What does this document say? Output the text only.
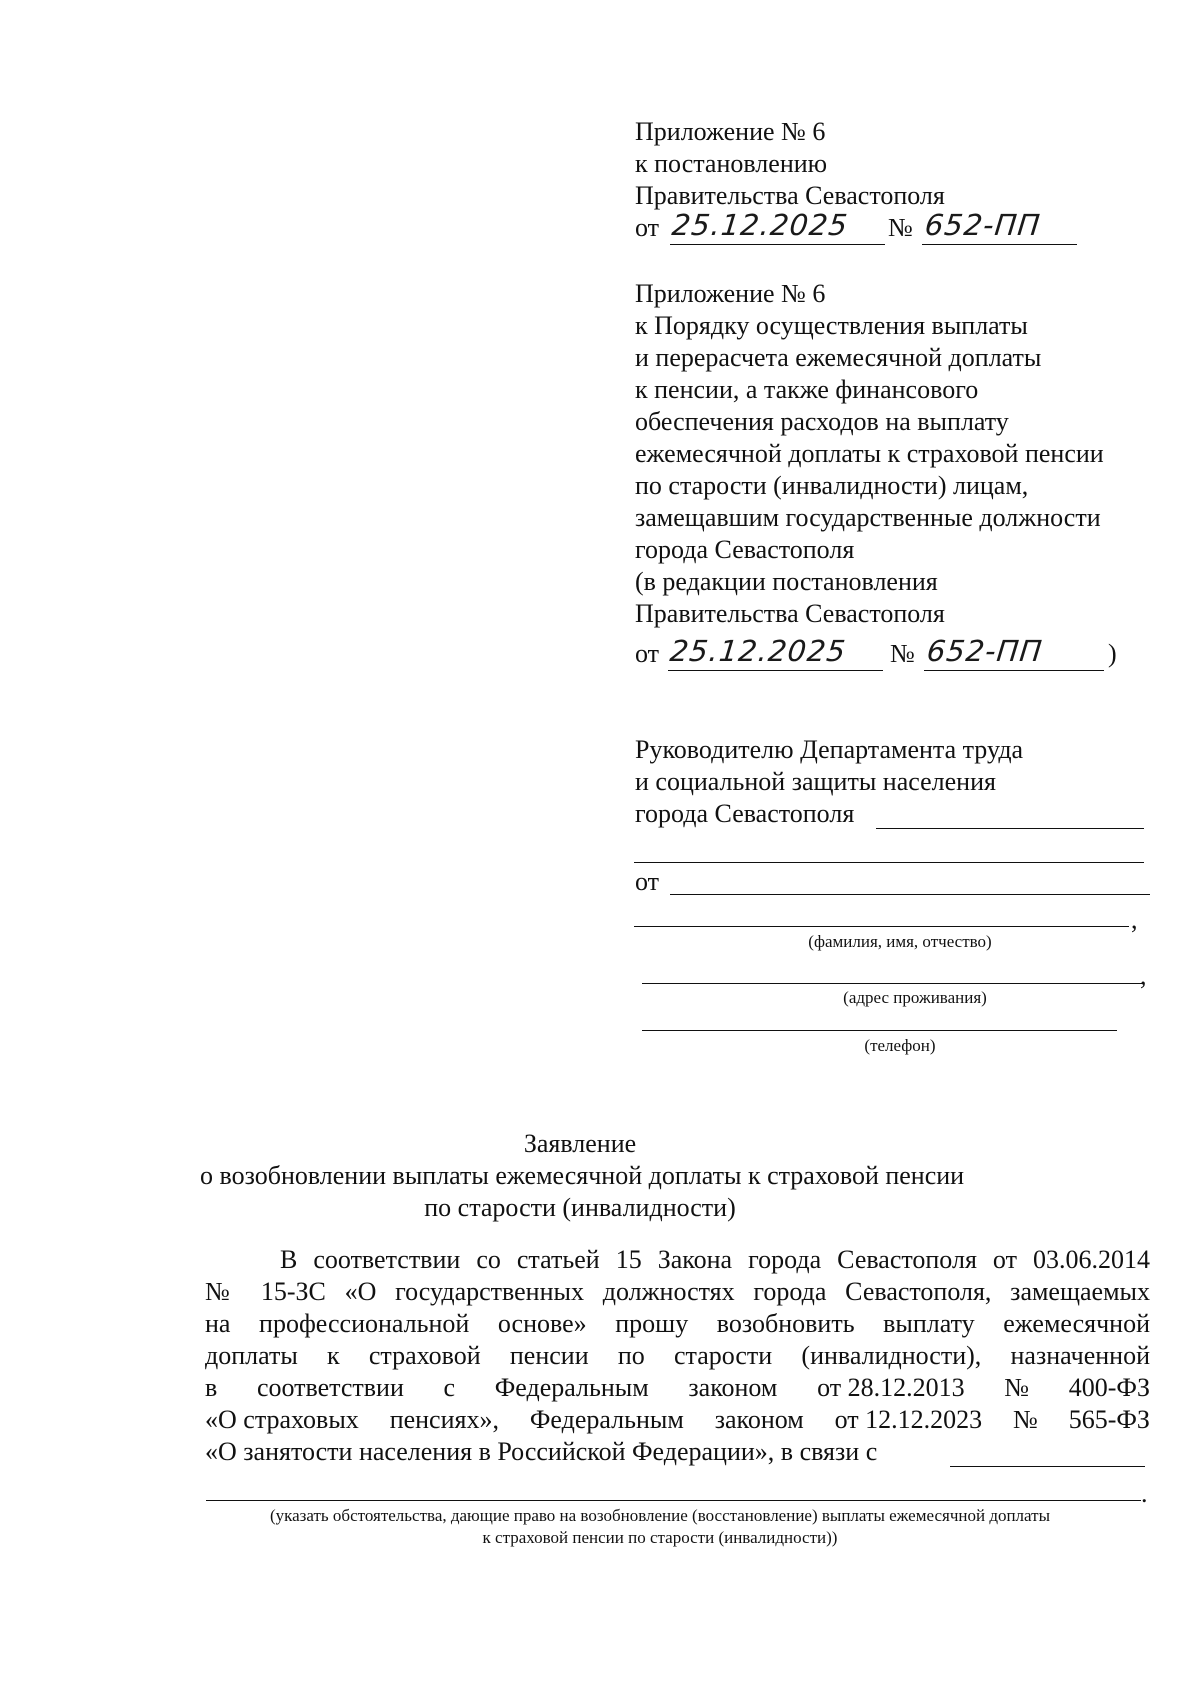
Приложение № 6
к постановлению
Правительства Севастополя
от 25.12.2025 № 652-ПП
Приложение № 6
к Порядку осуществления выплаты
и перерасчета ежемесячной доплаты
к пенсии, а также финансового
обеспечения расходов на выплату
ежемесячной доплаты к страховой пенсии
по старости (инвалидности) лицам,
замещавшим государственные должности
города Севастополя
(в редакции постановления
Правительства Севастополя
от 25.12.2025 № 652-ПП )
Руководителю Департамента труда
и социальной защиты населения
города Севастополя
от
,
(фамилия, имя, отчество)
,
(адрес проживания)
(телефон)
Заявление
о возобновлении выплаты ежемесячной доплаты к страховой пенсии
по старости (инвалидности)
В соответствии со статьей 15 Закона города Севастополя от 03.06.2014
№ 15-ЗС «О государственных должностях города Севастополя, замещаемых
на профессиональной основе» прошу возобновить выплату ежемесячной
доплаты к страховой пенсии по старости (инвалидности), назначенной
в соответствии с Федеральным законом от 28.12.2013 № 400-ФЗ
«О страховых пенсиях», Федеральным законом от 12.12.2023 № 565-ФЗ
«О занятости населения в Российской Федерации», в связи с
.
(указать обстоятельства, дающие право на возобновление (восстановление) выплаты ежемесячной доплаты
к страховой пенсии по старости (инвалидности))
